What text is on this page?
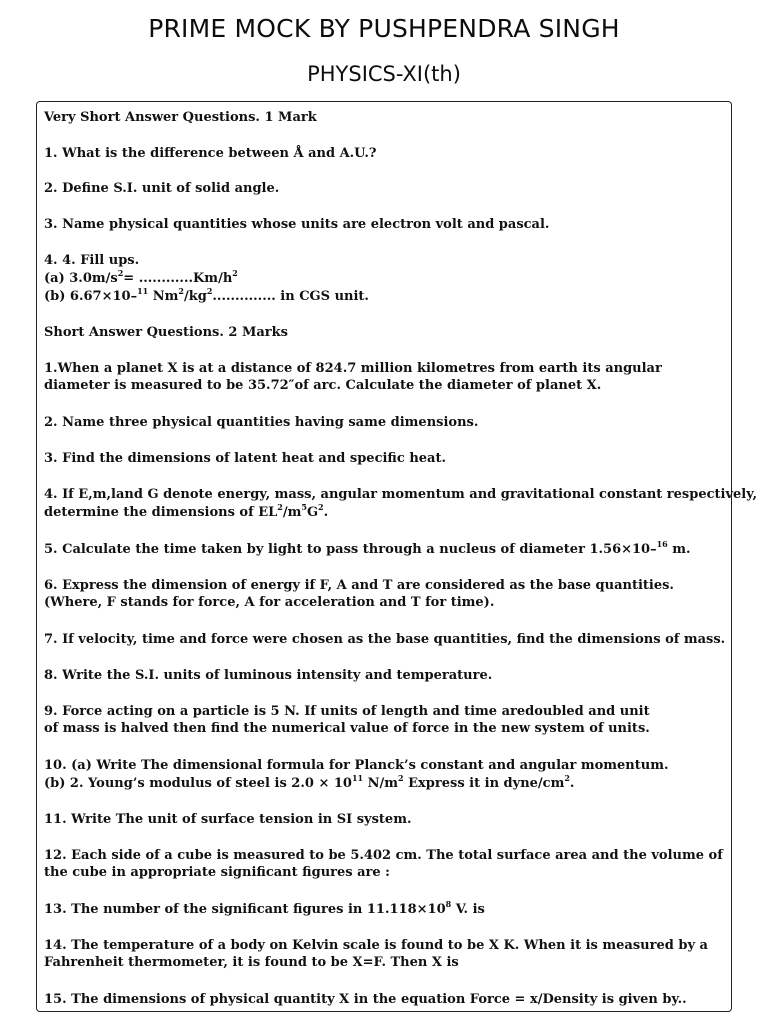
PRIME MOCK BY PUSHPENDRA SINGH
PHYSICS-XI(th)
Very Short Answer Questions. 1 Mark
1. What is the difference between Å and A.U.?
2. Define S.I. unit of solid angle.
3. Name physical quantities whose units are electron volt and pascal.
4. 4. Fill ups.
(a) $3.0m/s^2= ............Km/h^2$
(b) 6.67×10–$^{11}$ $Nm^2/kg^2$.............. in CGS unit.
Short Answer Questions. 2 Marks
1.When a planet X is at a distance of 824.7 million kilometres from earth its angular diameter is measured to be 35.72″of arc. Calculate the diameter of planet X.
2. Name three physical quantities having same dimensions.
3. Find the dimensions of latent heat and specific heat.
4. If E,m,land G denote energy, mass, angular momentum and gravitational constant respectively,
determine the dimensions of $EL^2/m^5G^2$.
5. Calculate the time taken by light to pass through a nucleus of diameter 1.56×10–$^{16}$ m.
6. Express the dimension of energy if F, A and T are considered as the base quantities. (Where, F stands for force, A for acceleration and T for time).
7. If velocity, time and force were chosen as the base quantities, find the dimensions of mass.
8. Write the S.I. units of luminous intensity and temperature.
9. Force acting on a particle is 5 N. If units of length and time aredoubled and unit of mass is halved then find the numerical value of force in the new system of units.
10. (a) Write The dimensional formula for Planck’s constant and angular momentum.
(b) 2. Young’s modulus of steel is $2.0 \times 10^{11}$ $N/m^2$ Express it in dyne/$cm^2$.
11. Write The unit of surface tension in SI system.
12. Each side of a cube is measured to be 5.402 cm. The total surface area and the volume of the cube in appropriate significant figures are :
13. The number of the significant figures in $11.118\times 10^8$ V. is
14. The temperature of a body on Kelvin scale is found to be X K. When it is measured by a Fahrenheit thermometer, it is found to be X=F. Then X is
15. The dimensions of physical quantity X in the equation Force = x/Density is given by..
